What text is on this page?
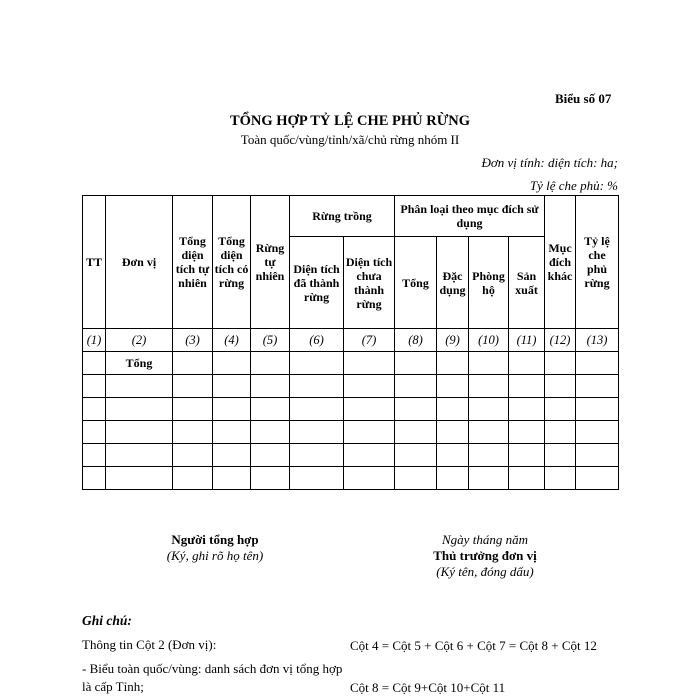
Biểu số 07
TỔNG HỢP TỶ LỆ CHE PHỦ RỪNG
Toàn quốc/vùng/tỉnh/xã/chủ rừng nhóm II
Đơn vị tính: diện tích: ha;
Tỷ lệ che phủ: %
TT	Đơn vị	Tổng diện tích tự nhiên	Tổng diện tích có rừng	Rừng tự nhiên	Rừng trồng		Phân loại theo mục đích sử dụng				Mục đích khác	Tỷ lệ che phủ rừng
					Diện tích đã thành rừng	Diện tích chưa thành rừng	Tổng	Đặc dụng	Phòng hộ	Sản xuất		
(1)	(2)	(3)	(4)	(5)	(6)	(7)	(8)	(9)	(10)	(11)	(12)	(13)
	Tổng											

Người tổng hợp
(Ký, ghi rõ họ tên)
Ngày tháng năm
Thủ trưởng đơn vị
(Ký tên, đóng dấu)
Ghi chú:
Thông tin Cột 2 (Đơn vị):
- Biểu toàn quốc/vùng: danh sách đơn vị tổng hợp là cấp Tỉnh;
Cột 4 = Cột 5 + Cột 6 + Cột 7 = Cột 8 + Cột 12
Cột 8 = Cột 9+Cột 10+Cột 11
